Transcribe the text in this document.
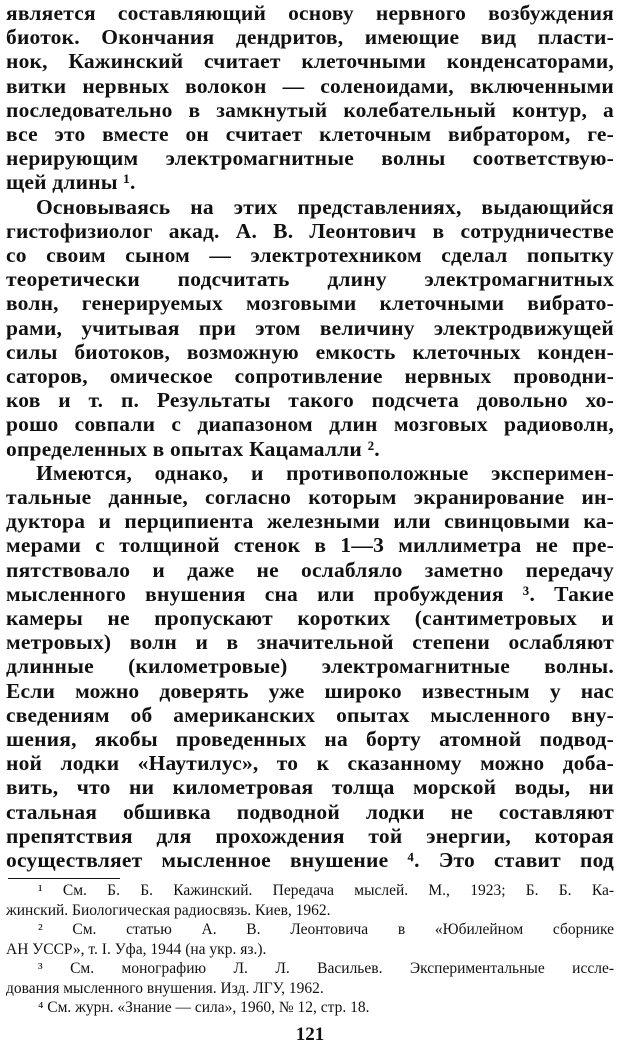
является составляющий основу нервного возбуждения
биоток. Окончания дендритов, имеющие вид пласти-
нок, Кажинский считает клеточными конденсаторами,
витки нервных волокон — соленоидами, включенными
последовательно в замкнутый колебательный контур, а
все это вместе он считает клеточным вибратором, ге-
нерирующим электромагнитные волны соответствую-
щей длины ¹.
Основываясь на этих представлениях, выдающийся
гистофизиолог акад. А. В. Леонтович в сотрудничестве
со своим сыном — электротехником сделал попытку
теоретически подсчитать длину электромагнитных
волн, генерируемых мозговыми клеточными вибрато-
рами, учитывая при этом величину электродвижущей
силы биотоков, возможную емкость клеточных конден-
саторов, омическое сопротивление нервных проводни-
ков и т. п. Результаты такого подсчета довольно хо-
рошо совпали с диапазоном длин мозговых радиоволн,
определенных в опытах Кацамалли ².
Имеются, однако, и противоположные эксперимен-
тальные данные, согласно которым экранирование ин-
дуктора и перципиента железными или свинцовыми ка-
мерами с толщиной стенок в 1—3 миллиметра не пре-
пятствовало и даже не ослабляло заметно передачу
мысленного внушения сна или пробуждения ³. Такие
камеры не пропускают коротких (сантиметровых и
метровых) волн и в значительной степени ослабляют
длинные (километровые) электромагнитные волны.
Если можно доверять уже широко известным у нас
сведениям об американских опытах мысленного вну-
шения, якобы проведенных на борту атомной подвод-
ной лодки «Наутилус», то к сказанному можно доба-
вить, что ни километровая толща морской воды, ни
стальная обшивка подводной лодки не составляют
препятствия для прохождения той энергии, которая
осуществляет мысленное внушение ⁴. Это ставит под
¹ См. Б. Б. Кажинский. Передача мыслей. М., 1923; Б. Б. Ка-
жинский. Биологическая радиосвязь. Киев, 1962.
² См. статью А. В. Леонтовича в «Юбилейном сборнике
АН УССР», т. I. Уфа, 1944 (на укр. яз.).
³ См. монографию Л. Л. Васильев. Экспериментальные иссле-
дования мысленного внушения. Изд. ЛГУ, 1962.
⁴ См. журн. «Знание — сила», 1960, № 12, стр. 18.
121
